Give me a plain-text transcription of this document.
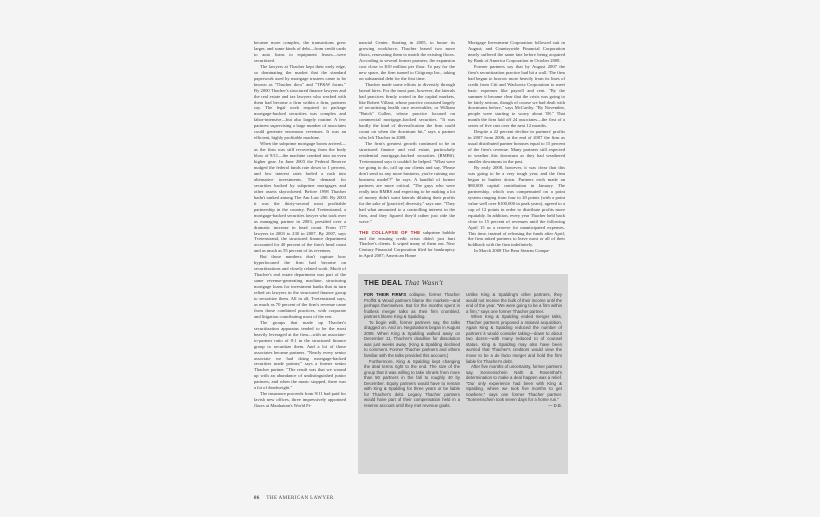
became more complex, the transactions grew larger, and some kinds of debt—from credit cards to auto loans to equipment leases—were securitized.

The lawyers at Thacher kept their early edge, so dominating the market that the standard paperwork used by mortgage trustees came to be known as "Thacher docs" and "TP&W forms." By 2000 Thacher's structured finance lawyers and the real estate and tax lawyers who worked with them had become a firm within a firm, partners say. The legal work required to package mortgage-backed securities was complex and labor-intensive—but also largely routine. A few partners supervising a large number of associates could generate enormous revenues. It was an efficient, highly profitable machine.

When the subprime mortgage boom arrived—as the firm was still recovering from the body blow of 9/11—the machine cranked into an even higher gear. In June 2003 the Federal Reserve nudged the federal funds rate down to 1 percent, and low interest rates fueled a rush into alternative investments. The demand for securities backed by subprime mortgages and other assets skyrocketed. Before 1998 Thacher hadn't ranked among The Am Law 200. By 2003 it was the thirty-second most profitable partnership in the country. Paul Tvetenstrand, a mortgage-backed securities lawyer who took over as managing partner in 2003, presided over a dramatic increase in head count. From 177 lawyers in 2003 to 230 in 2007. By 2007, says Tvetenstrand, the structured finance department accounted for 40 percent of the firm's head count and as much as 55 percent of its revenues.

But those numbers don't capture how hyperfocused the firm had become on securitizations and closely related work. Much of Thacher's real estate department was part of the same revenue-generating machine, structuring mortgage loans for investment banks that in turn relied on lawyers in the structured finance group to securitize them. All in all, Tvetenstrand says, as much as 70 percent of the firm's revenue came from those combined practices, with corporate and litigation contributing most of the rest.

The groups that made up Thacher's securitization apparatus tended to be the most heavily leveraged at the firm—with an associate-to-partner ratio of 8:1 in the structured finance group to securitize them. And a lot of those associates became partners. "Nearly every senior associate we had doing mortgage-backed securities made partner," says a former senior Thacher partner. "The result was that we wound up with an abundance of undistinguished junior partners, and when the music stopped, there was a lot of deadweight."

The insurance proceeds from 9/11 had paid for lavish new offices, three impressively appointed floors at Manhattan's World Fi-

nancial Center. Starting in 2005, to house its growing workforce, Thacher leased two more floors, renovating them to match the existing floors. According to several former partners, the expansion cost close to $10 million per floor. To pay for the new space, the firm turned to Citigroup Inc., taking on substantial debt for the first time.

Thacher made some efforts to diversify through lateral hires. For the most part, however, the laterals had practices firmly rooted in the capital markets, like Robert Villani, whose practice consisted largely of securitizing health care receivables, or William "Butch" Cullen, whose practice focused on commercial mortgage–backed securities. "It was hardly the kind of diversification the firm could count on when the downturn hit," says a partner who left Thacher in 2008.

The firm's greatest growth continued to be in structured finance and real estate, particularly residential mortgage–backed securities (RMBS). Tvetenstrand says it couldn't be helped. "What were we going to do, call up our clients and say, 'Please don't send us any more business, you're ruining our business model'?" he says. A handful of former partners are more critical. "The guys who were really into RMBS and expecting to be making a lot of money didn't want laterals diluting their profits for the sake of [practice] diversity," says one. "They had what amounted to a controlling interest in the firm, and they figured they'd rather just ride the wave."

THE COLLAPSE OF THE subprime bubble and the ensuing credit crisis didn't just hurt Thacher's clients. It wiped many of them out. New Century Financial Corporation filed for bankruptcy in April 2007; American Home

Mortgage Investment Corporation followed suit in August; and Countrywide Financial Corporation nearly suffered the same fate before being acquired by Bank of America Corporation in October 2008.

Former partners say that by August 2007 the firm's securitization practice had hit a wall. The firm had begun to borrow more heavily from its lines of credit from Citi and Wachovia Corporation to meet basic expenses like payroll and rent. "By the summer it became clear that the crisis was going to be fairly serious, though of course we had dealt with downturns before," says McCarthy. "By November, people were starting to worry about '08." That month the firm laid off 24 associates—the first of a series of five cuts over the next 12 months.

Despite a 22 percent decline in partners' profits in 2007 from 2006, at the end of 2007 the firm as usual distributed partner bonuses equal to 15 percent of the firm's revenue. Many partners still expected to weather this downturn as they had weathered smaller downturns in the past.

By early 2008, however, it was clear that this was going to be a very tough year, and the firm began to hunker down. Partners each made an $80,000 capital contribution in January. The partnership, which was compensated on a point system ranging from four to 20 points (with a point value well over $100,000 in peak years), agreed to a cap of 12 points in order to distribute profits more equitably. In addition, every year Thacher held back close to 15 percent of revenues until the following April 15 as a reserve for unanticipated expenses. This time, instead of releasing the funds after April, the firm asked partners to leave most or all of their holdback with the firm indefinitely.

In March 2008 The Bear Stearns Compa-

THE DEAL That Wasn't

FOR THEIR FIRM'S collapse, former Thacher Proffitt & Wood partners blame the markets—and perhaps themselves. But for the months spent in fruitless merger talks as their firm crumbled, partners blame King & Spalding.

To begin with, former partners say, the talks dragged on. And on. Negotiations began in August 2008. When King & Spalding walked away on December 11, Thacher's deadline for dissolution was just weeks away. (King & Spalding declined to comment. Former Thacher partners and others familiar with the talks provided this account.)

Furthermore, King & Spalding kept changing the deal terms right to the end. The size of the group that it was willing to take shrank from more than 50 partners in the fall to roughly 40 by December. Equity partners would have to remain with King & Spalding for three years or be liable for Thacher's debt. Legacy Thacher partners would have part of their compensation held in a reserve account until they met revenue goals.

Unlike King & Spalding's other partners, they would not receive the bulk of their income until the end of the year. "We were going to be a firm within a firm," says one former Thacher partner.

When King & Spalding ended merger talks, Thacher partners proposed a rational acquisition. Again King & Spalding reduced the number of partners it would consider taking—down to about two dozen—with many reduced to of counsel status. King & Spalding may also have been worried that Thacher's creditors would view the move to be a de facto merger and hold the firm liable for Thacher's debt.

After five months of uncertainty, former partners say, Sonnenschein Nath & Rosenthal's determination to make a deal happen was a relief. "Our only experience had been with King & Spalding, where we took five months to get nowhere," says one former Thacher partner. "Sonnenschein took seven days for a home run."

— D.B.
86 THE AMERICAN LAWYER
